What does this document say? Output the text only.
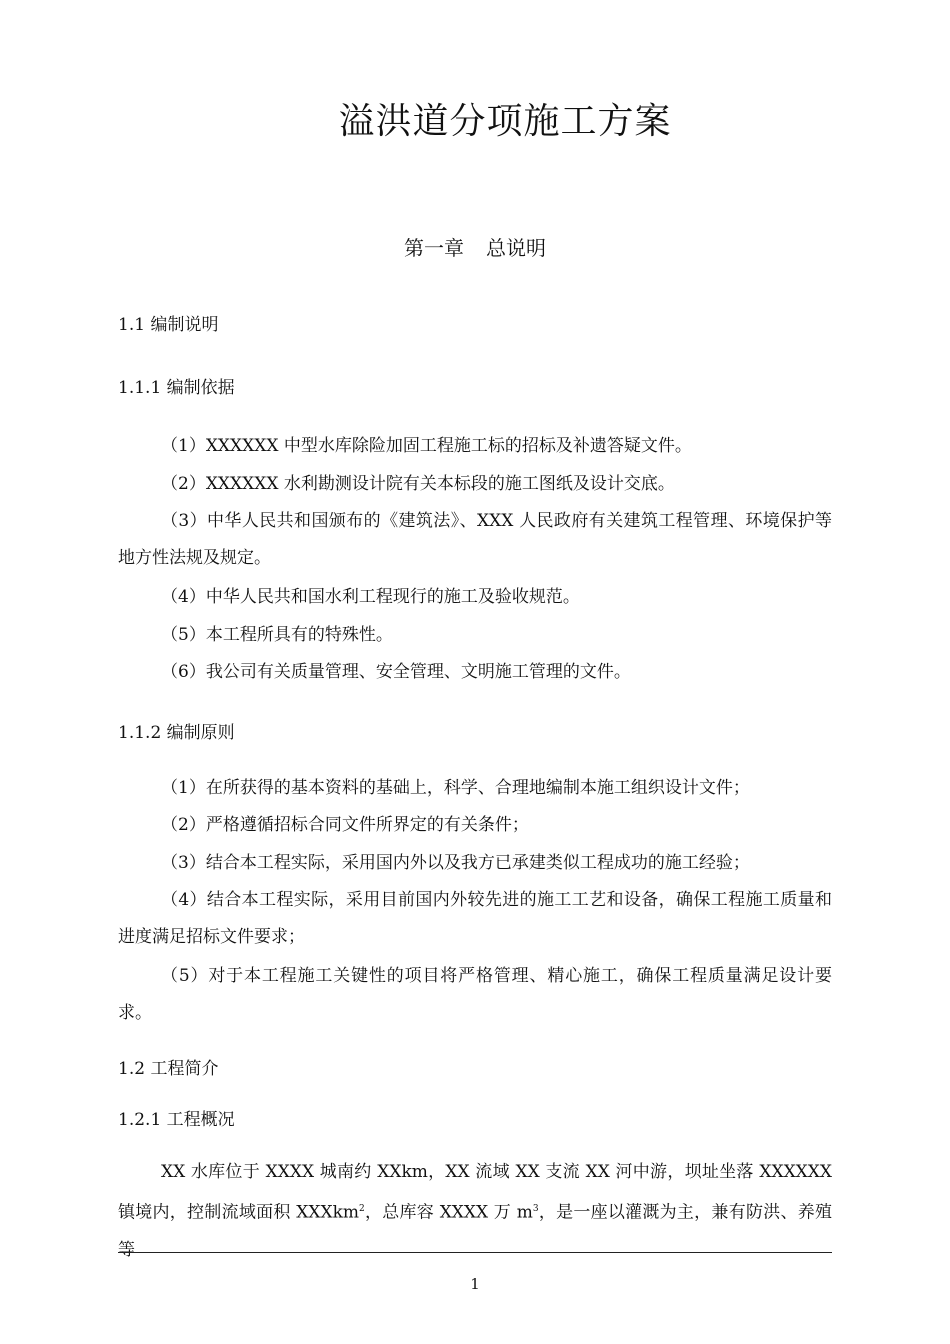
溢洪道分项施工方案
第一章 总说明
1.1 编制说明
1.1.1 编制依据
（1）XXXXXX 中型水库除险加固工程施工标的招标及补遗答疑文件。
（2）XXXXXX 水利勘测设计院有关本标段的施工图纸及设计交底。
（3）中华人民共和国颁布的《建筑法》、XXX 人民政府有关建筑工程管理、环境保护等地方性法规及规定。
（4）中华人民共和国水利工程现行的施工及验收规范。
（5）本工程所具有的特殊性。
（6）我公司有关质量管理、安全管理、文明施工管理的文件。
1.1.2 编制原则
（1）在所获得的基本资料的基础上，科学、合理地编制本施工组织设计文件；
（2）严格遵循招标合同文件所界定的有关条件；
（3）结合本工程实际，采用国内外以及我方已承建类似工程成功的施工经验；
（4）结合本工程实际，采用目前国内外较先进的施工工艺和设备，确保工程施工质量和进度满足招标文件要求；
（5）对于本工程施工关键性的项目将严格管理、精心施工，确保工程质量满足设计要求。
1.2 工程简介
1.2.1 工程概况
XX 水库位于 XXXX 城南约 XXkm，XX 流域 XX 支流 XX 河中游，坝址坐落 XXXXXX 镇境内，控制流域面积 XXXkm$_2$，总库容 XXXX 万 $m_3$，是一座以灌溉为主，兼有防洪、养殖等
1
